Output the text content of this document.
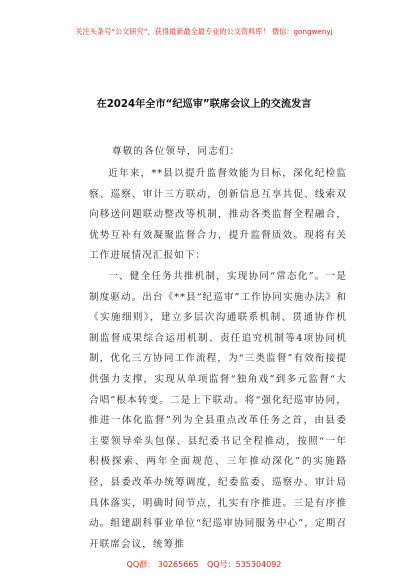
关注头条号“公文研究”，获得最新最全最专业的公文资料库！ 微信：gongwenyj
在2024年全市“纪巡审”联席会议上的交流发言
尊敬的各位领导，同志们：

近年来，**县以提升监督效能为目标，深化纪检监察、巡察、审计三方联动，创新信息互享共促、线索双向移送问题联动整改等机制，推动各类监督全程融合，优势互补有效凝聚监督合力，提升监督质效。现将有关工作进展情况汇报如下：

一、健全任务共推机制，实现协同“常态化”。一是制度驱动。出台《**县“纪巡审”工作协同实施办法》和《实施细则》，建立多层次沟通联系机制、贯通协作机制监督成果综合运用机制、责任追究机制等4项协同机制，优化三方协同工作流程，为“三类监督”有效衔接提供强力支撑，实现从单项监督“独角戏”到多元监督“大合唱”根本转变。二是上下联动。将“强化纪巡审协同，推进一体化监督”列为全县重点改革任务之首，由县委主要领导牵头包保、县纪委书记全程推动，按照“一年积极探索、两年全面规范、三年推动深化”的实施路径，县委改革办统筹调度，纪委监委、巡察办、审计局具体落实，明确时间节点，扎实有序推进。三是有序推动。组建副科事业单位“纪巡审协同服务中心”，定期召开联席会议，统筹推

QQ群： 30265665 QQ号：535304092
